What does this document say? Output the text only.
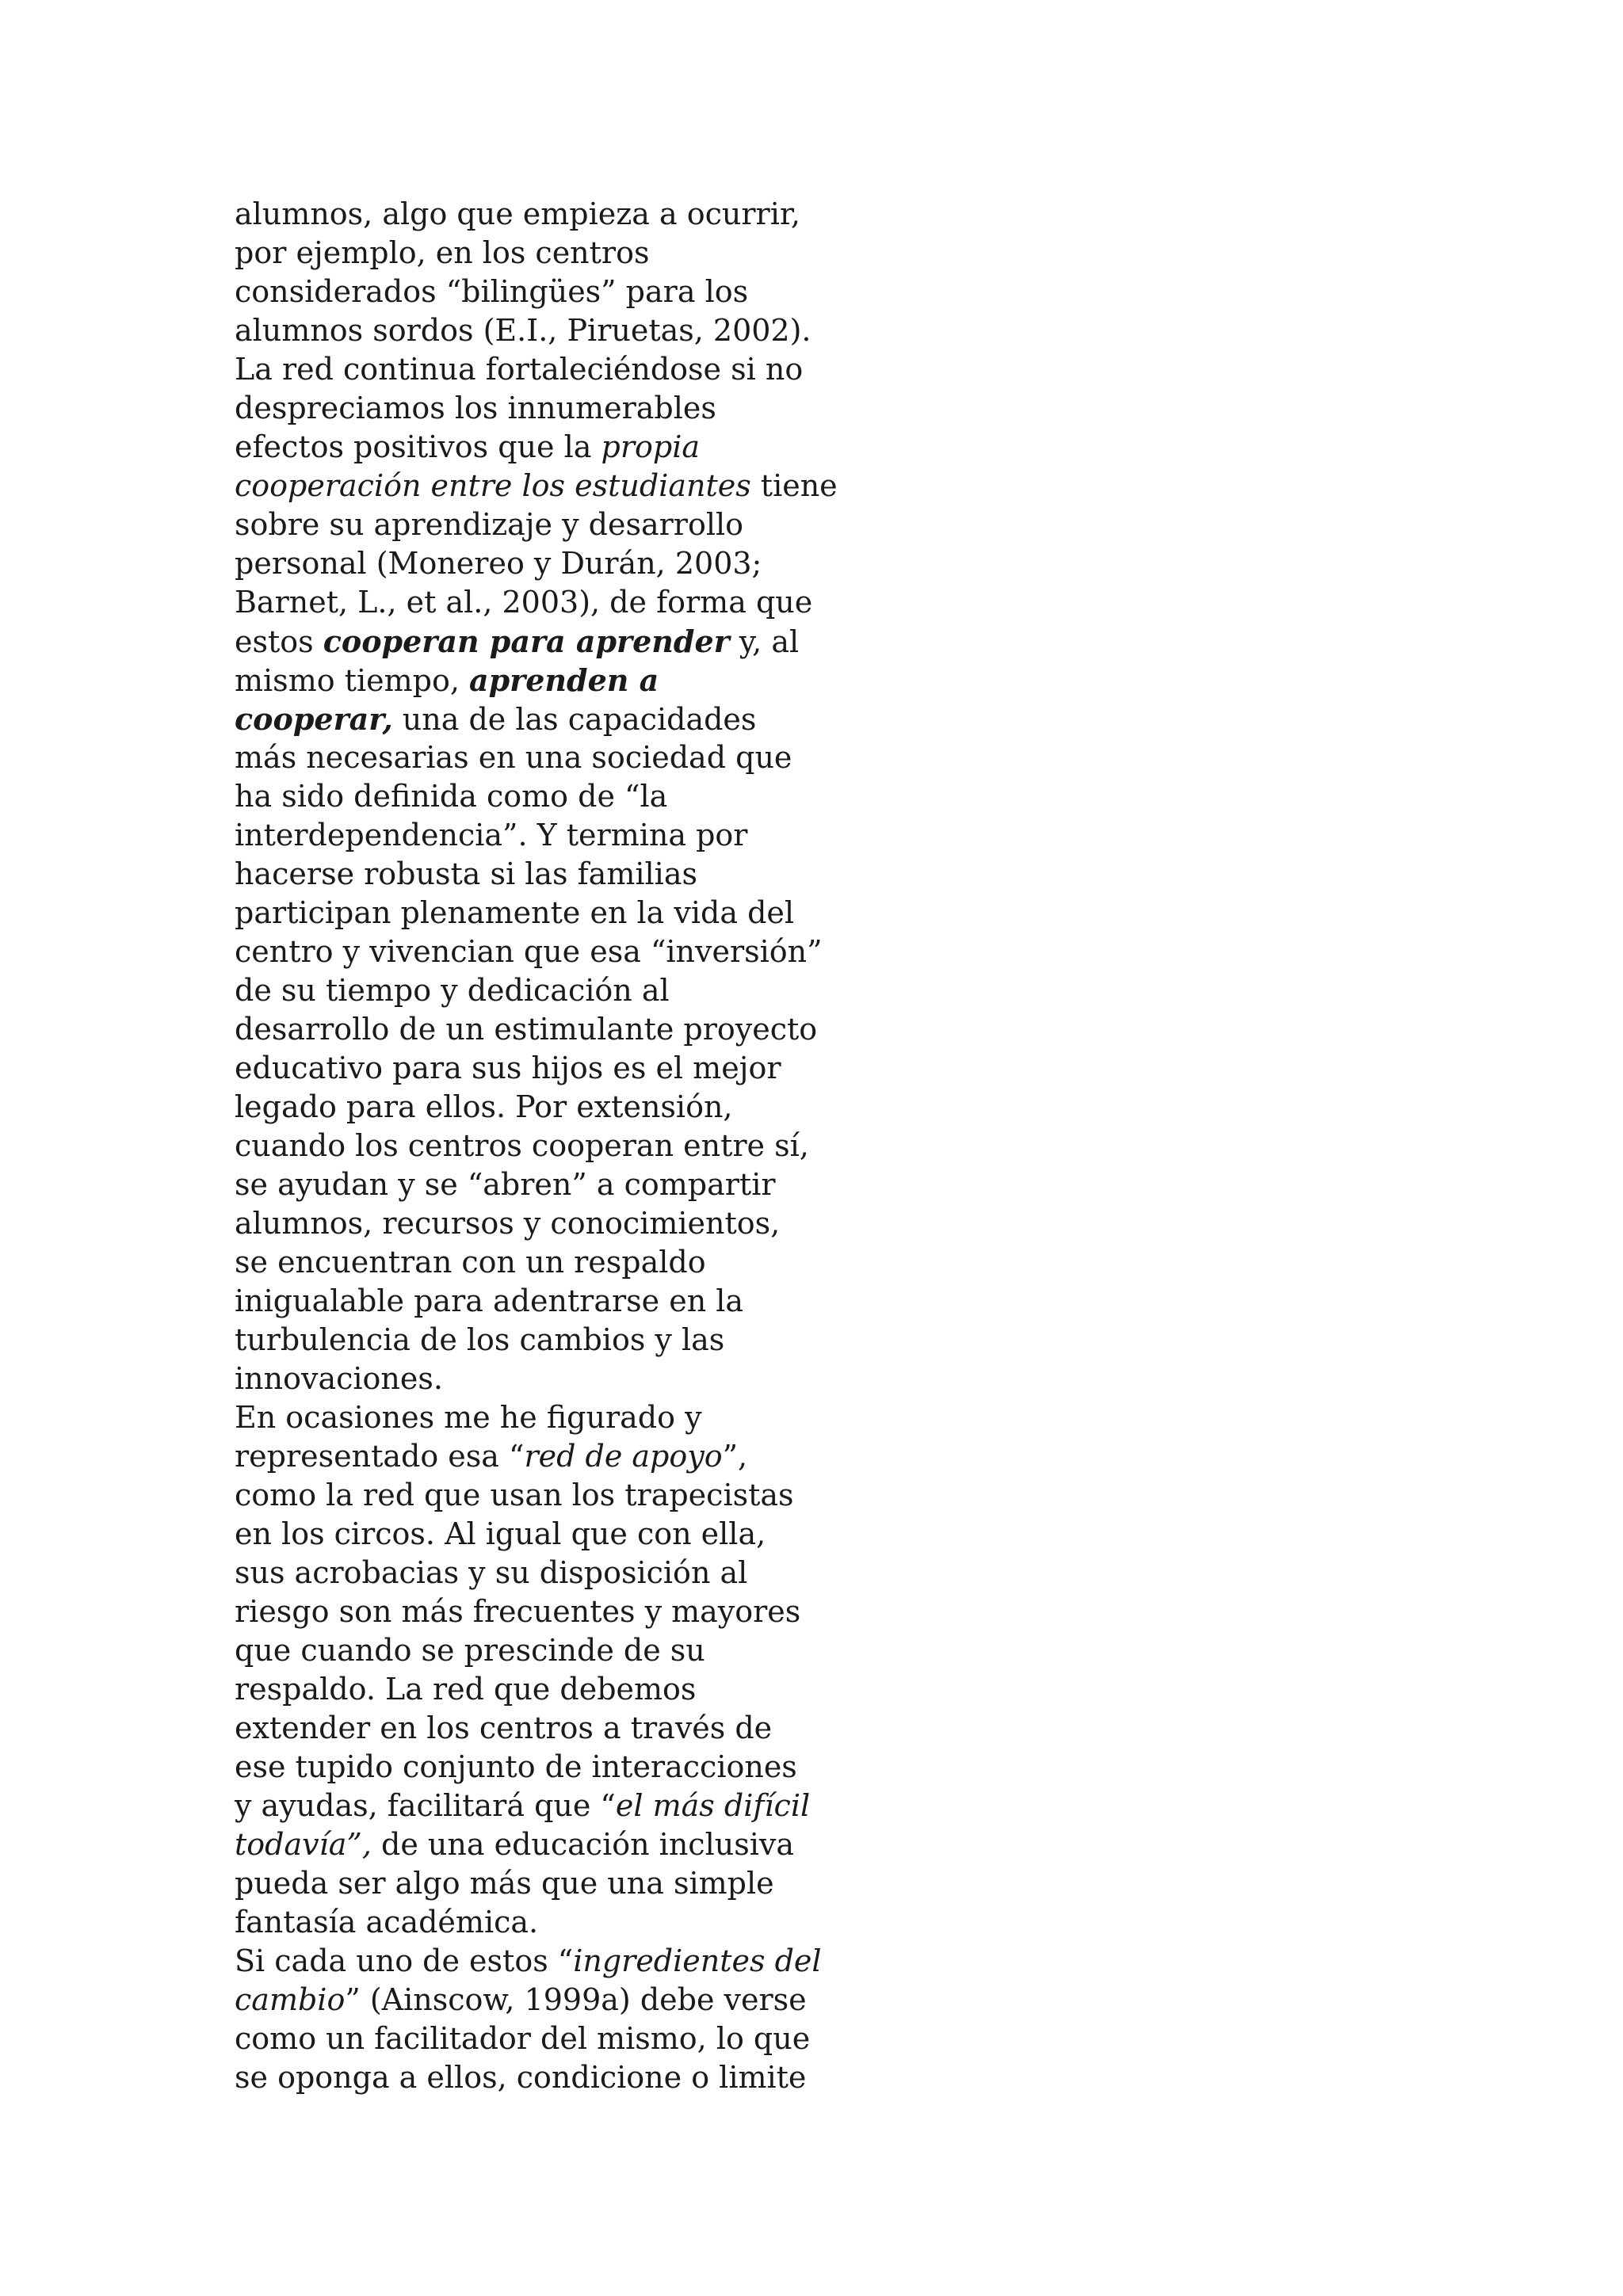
alumnos, algo que empieza a ocurrir,
por ejemplo, en los centros
considerados “bilingües” para los
alumnos sordos (E.I., Piruetas, 2002).
La red continua fortaleciéndose si no
despreciamos los innumerables
efectos positivos que la propia
cooperación entre los estudiantes tiene
sobre su aprendizaje y desarrollo
personal (Monereo y Durán, 2003;
Barnet, L., et al., 2003), de forma que
estos cooperan para aprender y, al
mismo tiempo, aprenden a
cooperar, una de las capacidades
más necesarias en una sociedad que
ha sido definida como de “la
interdependencia”. Y termina por
hacerse robusta si las familias
participan plenamente en la vida del
centro y vivencian que esa “inversión”
de su tiempo y dedicación al
desarrollo de un estimulante proyecto
educativo para sus hijos es el mejor
legado para ellos. Por extensión,
cuando los centros cooperan entre sí,
se ayudan y se “abren” a compartir
alumnos, recursos y conocimientos,
se encuentran con un respaldo
inigualable para adentrarse en la
turbulencia de los cambios y las
innovaciones.
En ocasiones me he figurado y
representado esa “red de apoyo”,
como la red que usan los trapecistas
en los circos. Al igual que con ella,
sus acrobacias y su disposición al
riesgo son más frecuentes y mayores
que cuando se prescinde de su
respaldo. La red que debemos
extender en los centros a través de
ese tupido conjunto de interacciones
y ayudas, facilitará que “el más difícil
todavía”, de una educación inclusiva
pueda ser algo más que una simple
fantasía académica.
Si cada uno de estos “ingredientes del
cambio” (Ainscow, 1999a) debe verse
como un facilitador del mismo, lo que
se oponga a ellos, condicione o limite
